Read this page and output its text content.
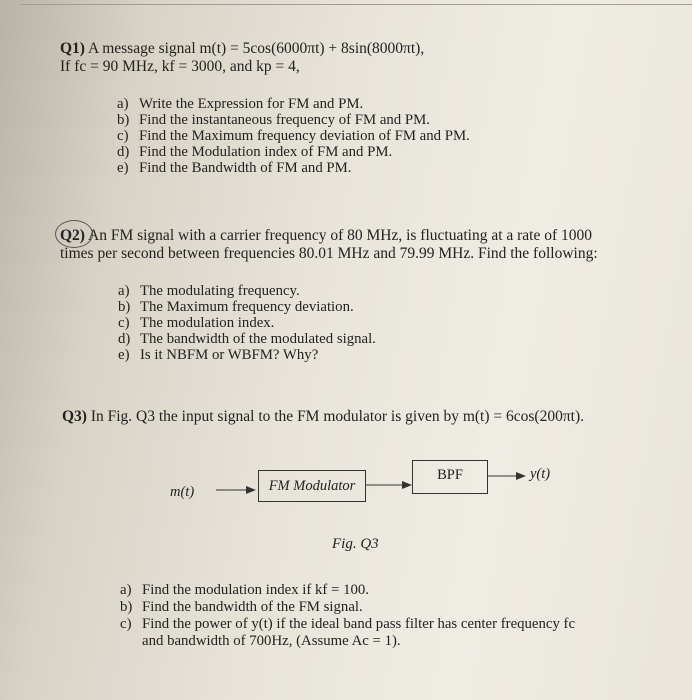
Q1) A message signal m(t) = 5cos(6000πt) + 8sin(8000πt),
If fc = 90 MHz, kf = 3000, and kp = 4,
a) Write the Expression for FM and PM.
b) Find the instantaneous frequency of FM and PM.
c) Find the Maximum frequency deviation of FM and PM.
d) Find the Modulation index of FM and PM.
e) Find the Bandwidth of FM and PM.
Q2) An FM signal with a carrier frequency of 80 MHz, is fluctuating at a rate of 1000
times per second between frequencies 80.01 MHz and 79.99 MHz. Find the following:
a) The modulating frequency.
b) The Maximum frequency deviation.
c) The modulation index.
d) The bandwidth of the modulated signal.
e) Is it NBFM or WBFM? Why?
Q3) In Fig. Q3 the input signal to the FM modulator is given by m(t) = 6cos(200πt).
m(t)	FM Modulator
BPF	y(t)
Fig. Q3
a) Find the modulation index if kf = 100.
b) Find the bandwidth of the FM signal.
c) Find the power of y(t) if the ideal band pass filter has center frequency fc
and bandwidth of 700Hz, (Assume Ac = 1).
